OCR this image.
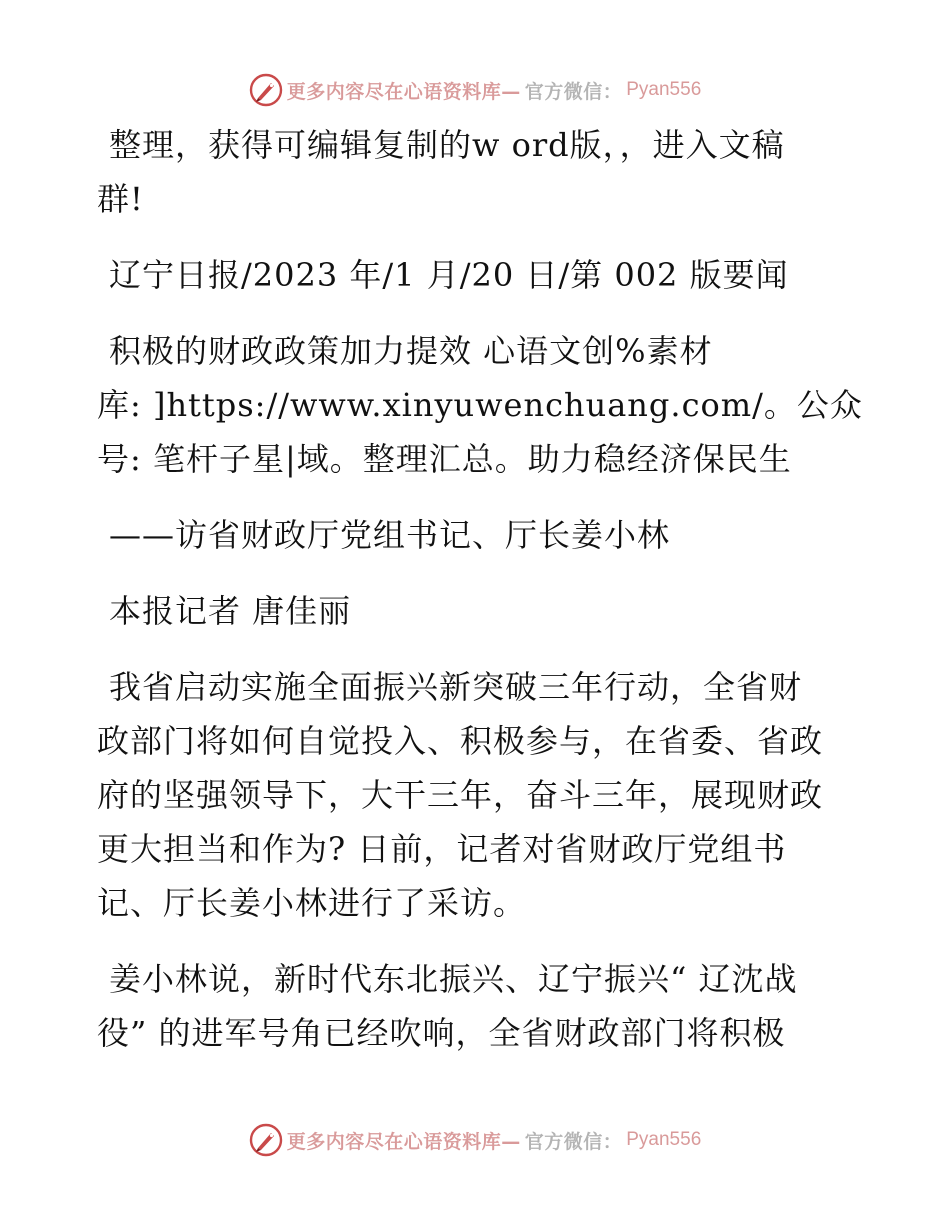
更多内容尽在心语资料库— 官方微信： Pyan556
整理，获得可编辑复制的w ord版，，进入文稿
群!
辽宁日报/2023 年/1 月/20 日/第 002 版要闻
积极的财政政策加力提效 心语文创%素材
库: ]https://www.xinyuwenchuang.com/。公众
号: 笔杆子星|域。整理汇总。助力稳经济保民生
——访省财政厅党组书记、厅长姜小林
本报记者 唐佳丽
我省启动实施全面振兴新突破三年行动，全省财
政部门将如何自觉投入、积极参与，在省委、省政
府的坚强领导下，大干三年，奋斗三年，展现财政
更大担当和作为? 日前，记者对省财政厅党组书
记、厅长姜小林进行了采访。
姜小林说，新时代东北振兴、辽宁振兴“ 辽沈战
役” 的进军号角已经吹响，全省财政部门将积极
更多内容尽在心语资料库— 官方微信： Pyan556
